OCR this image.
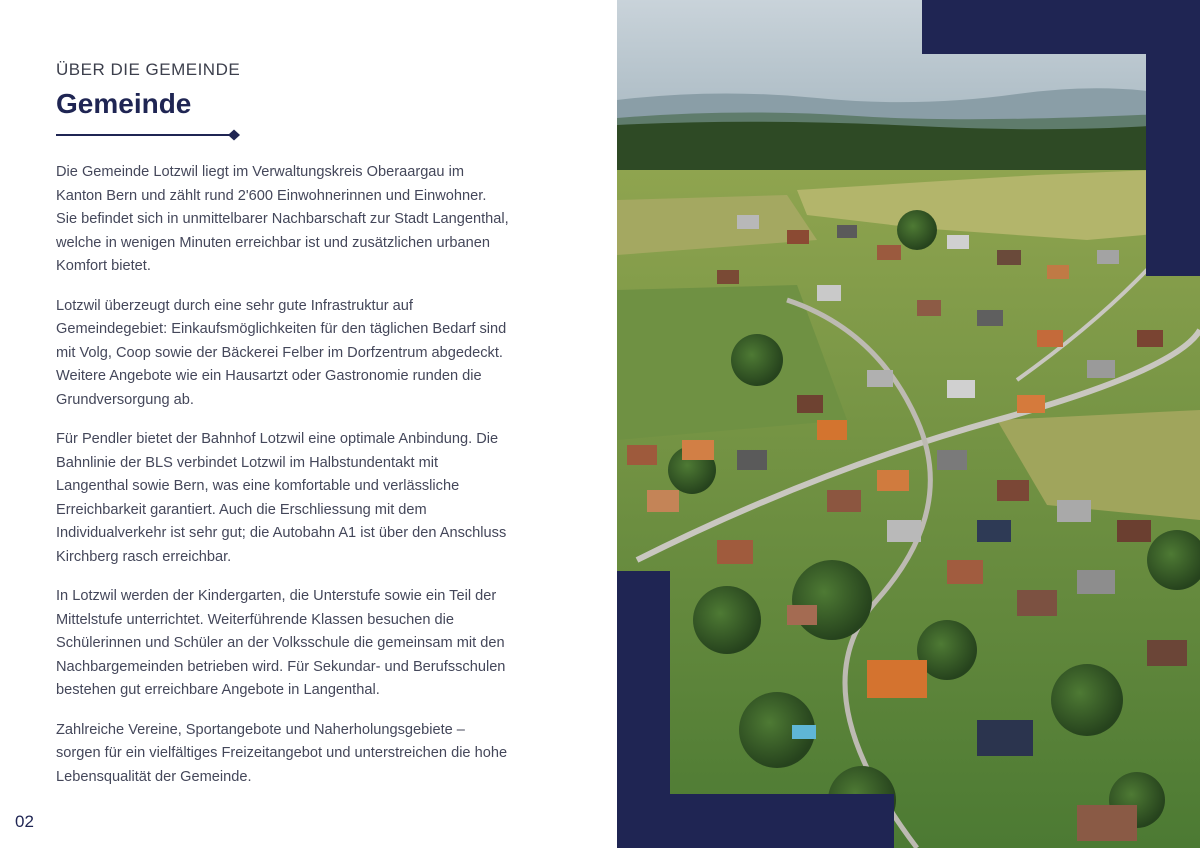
ÜBER DIE GEMEINDE
Gemeinde

Die Gemeinde Lotzwil liegt im Verwaltungskreis Oberaargau im Kanton Bern und zählt rund 2'600 Einwohnerinnen und Einwohner. Sie befindet sich in unmittelbarer Nachbarschaft zur Stadt Langenthal, welche in wenigen Minuten erreichbar ist und zusätzlichen urbanen Komfort bietet.

Lotzwil überzeugt durch eine sehr gute Infrastruktur auf Gemeindegebiet: Einkaufsmöglichkeiten für den täglichen Bedarf sind mit Volg, Coop sowie der Bäckerei Felber im Dorfzentrum abgedeckt. Weitere Angebote wie ein Hausartzt oder Gastronomie runden die Grundversorgung ab.

Für Pendler bietet der Bahnhof Lotzwil eine optimale Anbindung. Die Bahnlinie der BLS verbindet Lotzwil im Halbstundentakt mit Langenthal sowie Bern, was eine komfortable und verlässliche Erreichbarkeit garantiert. Auch die Erschliessung mit dem Individualverkehr ist sehr gut; die Autobahn A1 ist über den Anschluss Kirchberg rasch erreichbar.

In Lotzwil werden der Kindergarten, die Unterstufe sowie ein Teil der Mittelstufe unterrichtet. Weiterführende Klassen besuchen die Schülerinnen und Schüler an der Volksschule die gemeinsam mit den Nachbargemeinden betrieben wird. Für Sekundar- und Berufsschulen bestehen gut erreichbare Angebote in Langenthal.

Zahlreiche Vereine, Sportangebote und Naherholungsgebiete – sorgen für ein vielfältiges Freizeitangebot und unterstreichen die hohe Lebensqualität der Gemeinde.

02
